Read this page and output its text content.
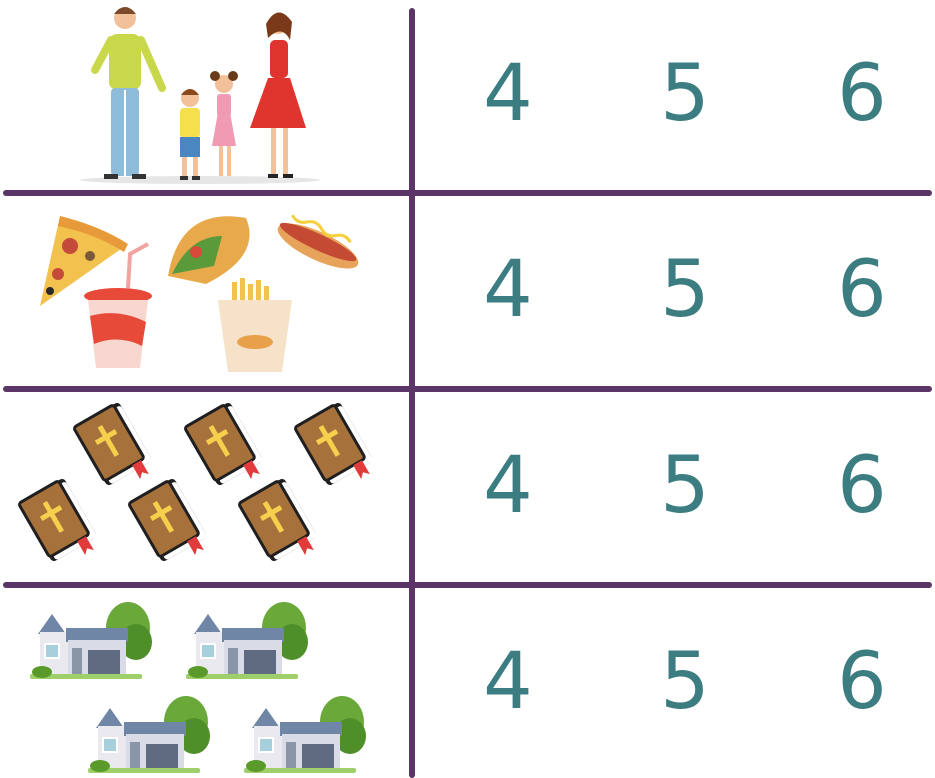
4 5 6
4 5 6
4 5 6
4 5 6
